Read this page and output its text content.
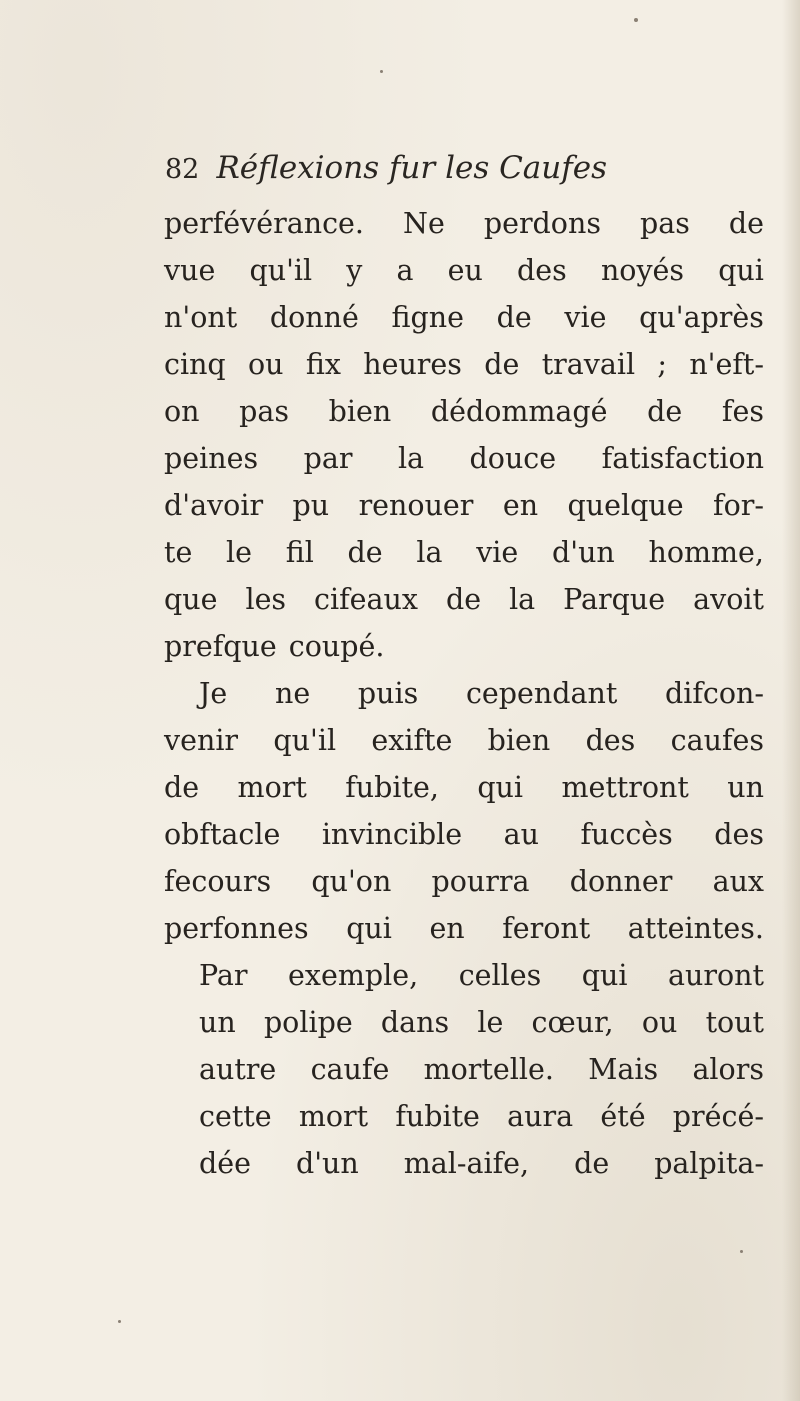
82 Réflexions fur les Caufes
perfévérance. Ne perdons pas de
vue qu'il y a eu des noyés qui
n'ont donné figne de vie qu'après
cinq ou fix heures de travail ; n'eft-
on pas bien dédommagé de fes
peines par la douce fatisfaction
d'avoir pu renouer en quelque for-
te le fil de la vie d'un homme,
que les cifeaux de la Parque avoit
prefque coupé.
Je ne puis cependant difcon-
venir qu'il exifte bien des caufes
de mort fubite, qui mettront un
obftacle invincible au fuccès des
fecours qu'on pourra donner aux
perfonnes qui en feront atteintes.
Par exemple, celles qui auront
un polipe dans le cœur, ou tout
autre caufe mortelle. Mais alors
cette mort fubite aura été précé-
dée d'un mal-aife, de palpita-
